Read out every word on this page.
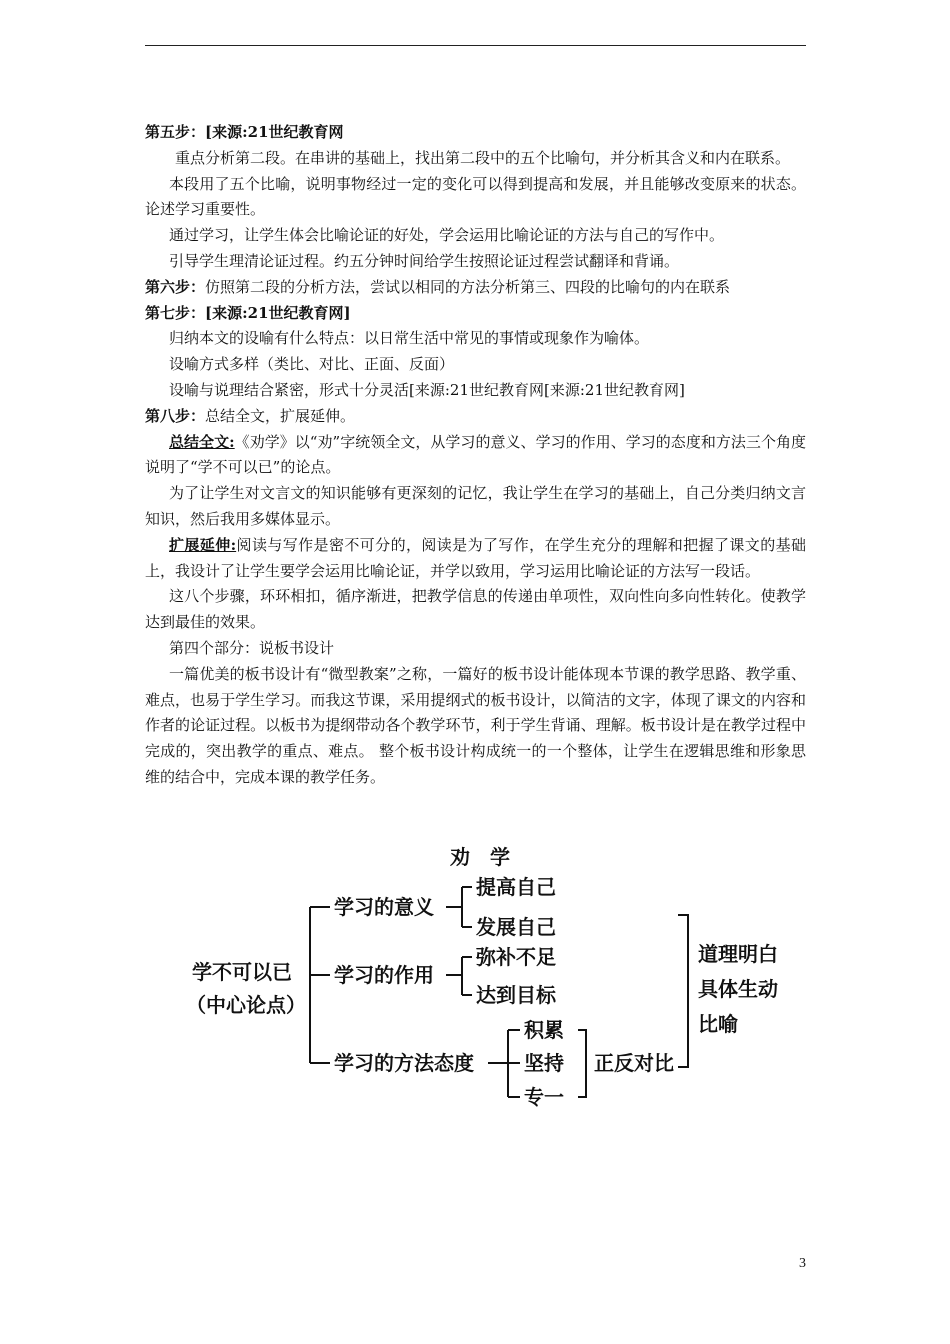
第五步：[来源:21世纪教育网

重点分析第二段。在串讲的基础上，找出第二段中的五个比喻句，并分析其含义和内在联系。

本段用了五个比喻，说明事物经过一定的变化可以得到提高和发展，并且能够改变原来的状态。论述学习重要性。

通过学习，让学生体会比喻论证的好处，学会运用比喻论证的方法与自己的写作中。

引导学生理清论证过程。约五分钟时间给学生按照论证过程尝试翻译和背诵。

第六步：仿照第二段的分析方法，尝试以相同的方法分析第三、四段的比喻句的内在联系

第七步：[来源:21世纪教育网]

归纳本文的设喻有什么特点：以日常生活中常见的事情或现象作为喻体。

设喻方式多样（类比、对比、正面、反面）

设喻与说理结合紧密，形式十分灵活[来源:21世纪教育网[来源:21世纪教育网]

第八步：总结全文，扩展延伸。

总结全文:《劝学》以“劝”字统领全文，从学习的意义、学习的作用、学习的态度和方法三个角度说明了“学不可以已”的论点。

为了让学生对文言文的知识能够有更深刻的记忆，我让学生在学习的基础上，自己分类归纳文言知识，然后我用多媒体显示。

扩展延伸:阅读与写作是密不可分的，阅读是为了写作，在学生充分的理解和把握了课文的基础上，我设计了让学生要学会运用比喻论证，并学以致用，学习运用比喻论证的方法写一段话。

这八个步骤，环环相扣，循序渐进，把教学信息的传递由单项性，双向性向多向性转化。使教学达到最佳的效果。

第四个部分：说板书设计

一篇优美的板书设计有“微型教案”之称，一篇好的板书设计能体现本节课的教学思路、教学重、难点，也易于学生学习。而我这节课，采用提纲式的板书设计，以简洁的文字，体现了课文的内容和作者的论证过程。以板书为提纲带动各个教学环节，利于学生背诵、理解。板书设计是在教学过程中完成的，突出教学的重点、难点。 整个板书设计构成统一的一个整体，让学生在逻辑思维和形象思维的结合中，完成本课的教学任务。

劝　学
学不可以已
（中心论点）
学习的意义
提高自己
发展自己
学习的作用
弥补不足
达到目标
学习的方法态度
积累
坚持
专一
正反对比
道理明白
具体生动
比喻
3
